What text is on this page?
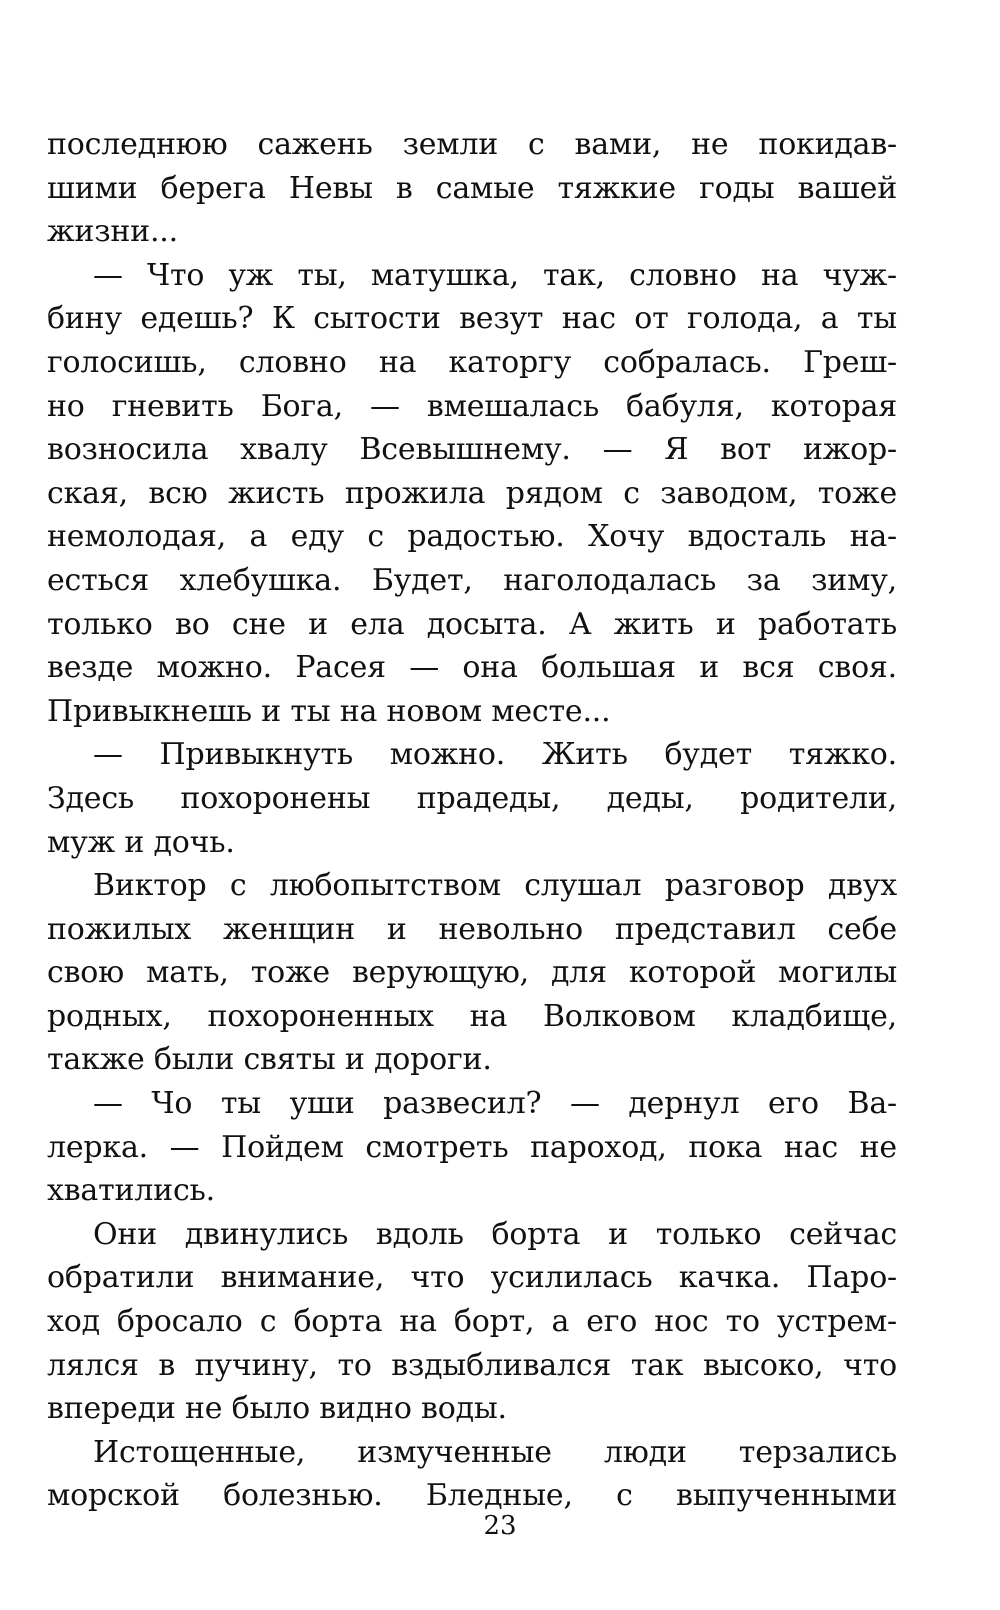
последнюю сажень земли с вами, не покидав-
шими берега Невы в самые тяжкие годы вашей
жизни...
— Что уж ты, матушка, так, словно на чуж-
бину едешь? К сытости везут нас от голода, а ты
голосишь, словно на каторгу собралась. Греш-
но гневить Бога, — вмешалась бабуля, которая
возносила хвалу Всевышнему. — Я вот ижор-
ская, всю жисть прожила рядом с заводом, тоже
немолодая, а еду с радостью. Хочу вдосталь на-
есться хлебушка. Будет, наголодалась за зиму,
только во сне и ела досыта. А жить и работать
везде можно. Расея — она большая и вся своя.
Привыкнешь и ты на новом месте...
— Привыкнуть можно. Жить будет тяжко.
Здесь похоронены прадеды, деды, родители,
муж и дочь.
Виктор с любопытством слушал разговор двух
пожилых женщин и невольно представил себе
свою мать, тоже верующую, для которой могилы
родных, похороненных на Волковом кладбище,
также были святы и дороги.
— Чо ты уши развесил? — дернул его Ва-
лерка. — Пойдем смотреть пароход, пока нас не
хватились.
Они двинулись вдоль борта и только сейчас
обратили внимание, что усилилась качка. Паро-
ход бросало с борта на борт, а его нос то устрем-
лялся в пучину, то вздыбливался так высоко, что
впереди не было видно воды.
Истощенные, измученные люди терзались
морской болезнью. Бледные, с выпученными
23
